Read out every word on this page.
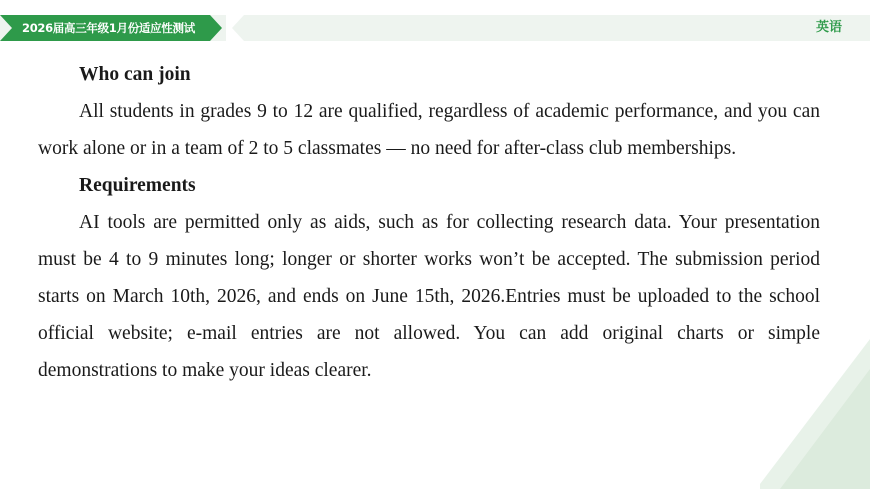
2026届高三年级1月份适应性测试	英语

Who can join

All students in grades 9 to 12 are qualified, regardless of academic performance, and you can work alone or in a team of 2 to 5 classmates — no need for after-class club memberships.

Requirements

AI tools are permitted only as aids, such as for collecting research data. Your presentation must be 4 to 9 minutes long; longer or shorter works won’t be accepted. The submission period starts on March 10th, 2026, and ends on June 15th, 2026.Entries must be uploaded to the school official website; e-mail entries are not allowed. You can add original charts or simple demonstrations to make your ideas clearer.
